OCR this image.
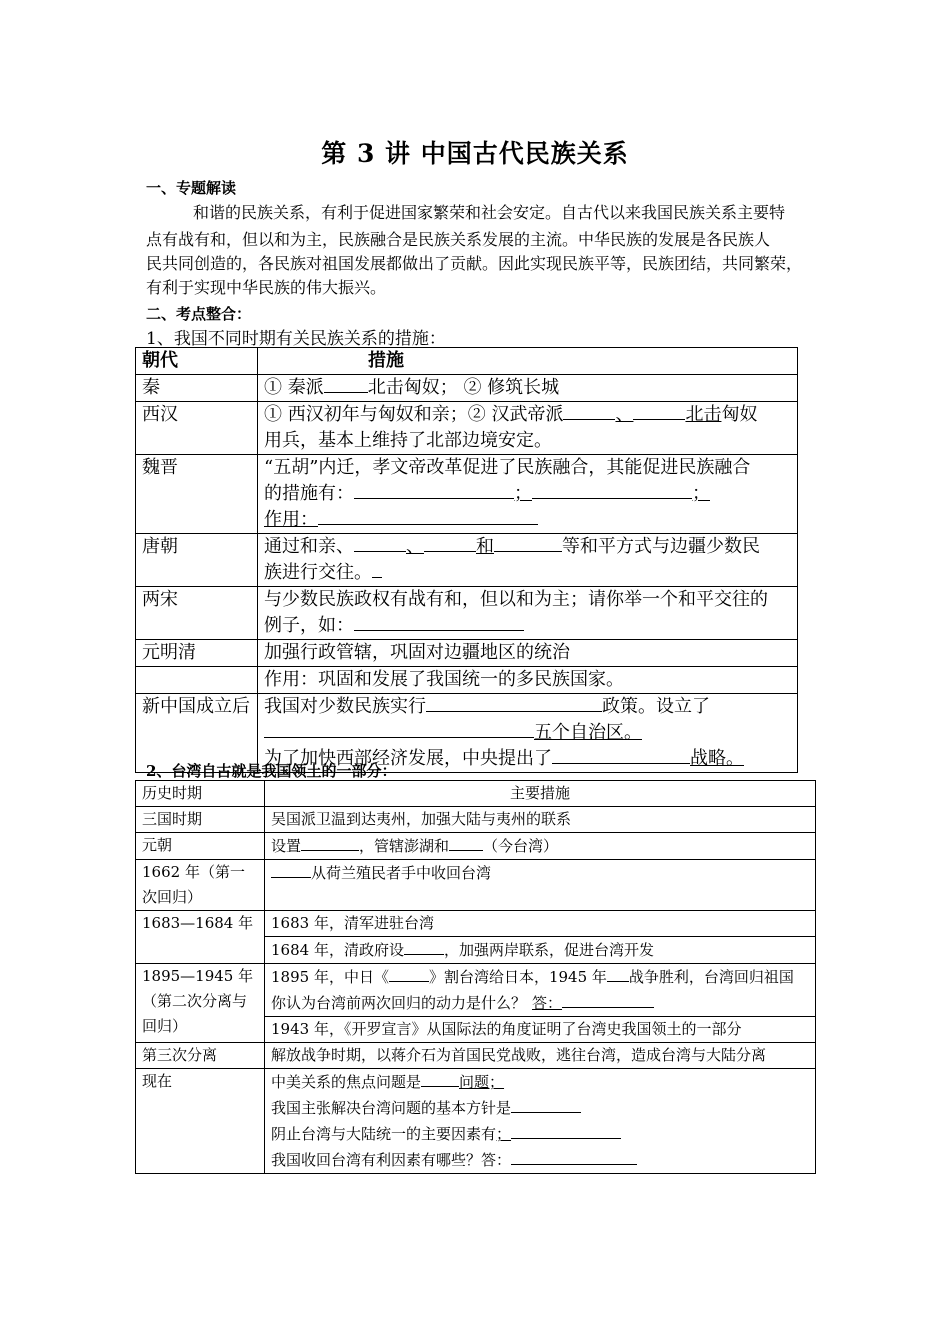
第 3 讲 中国古代民族关系
一、专题解读
和谐的民族关系，有利于促进国家繁荣和社会安定。自古代以来我国民族关系主要特
点有战有和，但以和为主，民族融合是民族关系发展的主流。中华民族的发展是各民族人
民共同创造的，各民族对祖国发展都做出了贡献。因此实现民族平等，民族团结，共同繁荣，
有利于实现中华民族的伟大振兴。
二、考点整合：
1、我国不同时期有关民族关系的措施：
朝代	措施
秦	① 秦派 北击匈奴； ② 修筑长城
西汉	① 西汉初年与匈奴和亲；② 汉武帝派 、 北击匈奴
用兵，基本上维持了北部边境安定。
魏晋	“五胡”内迁，孝文帝改革促进了民族融合，其能促进民族融合
的措施有： ； ；
作用：
唐朝	通过和亲、 、 和 等和平方式与边疆少数民
族进行交往。
两宋	与少数民族政权有战有和，但以和为主；请你举一个和平交往的
例子，如：

元明清	加强行政管辖，巩固对边疆地区的统治
	作用：巩固和发展了我国统一的多民族国家。
新中国成立后	我国对少数民族实行 政策。设立了
五个自治区。
为了加快西部经济发展，中央提出了 战略。
2、台湾自古就是我国领土的一部分：
历史时期	主要措施
三国时期	吴国派卫温到达夷州，加强大陆与夷州的联系
元朝	设置 ，管辖澎湖和 （今台湾）
1662 年（第一次回归）	从荷兰殖民者手中收回台湾
1683—1684 年	1683 年，清军进驻台湾
	1684 年，清政府设 ，加强两岸联系，促进台湾开发
1895—1945 年（第二次分离与回归）	1895 年，中日《 》割台湾给日本，1945 年 战争胜利，台湾回归祖国
你认为台湾前两次回归的动力是什么？ 答：
	1943 年，《开罗宣言》从国际法的角度证明了台湾史我国领土的一部分
第三次分离	解放战争时期，以蒋介石为首国民党战败，逃往台湾，造成台湾与大陆分离
现在	中美关系的焦点问题是 问题；
我国主张解决台湾问题的基本方针是
阴止台湾与大陆统一的主要因素有；
我国收回台湾有利因素有哪些？答：
